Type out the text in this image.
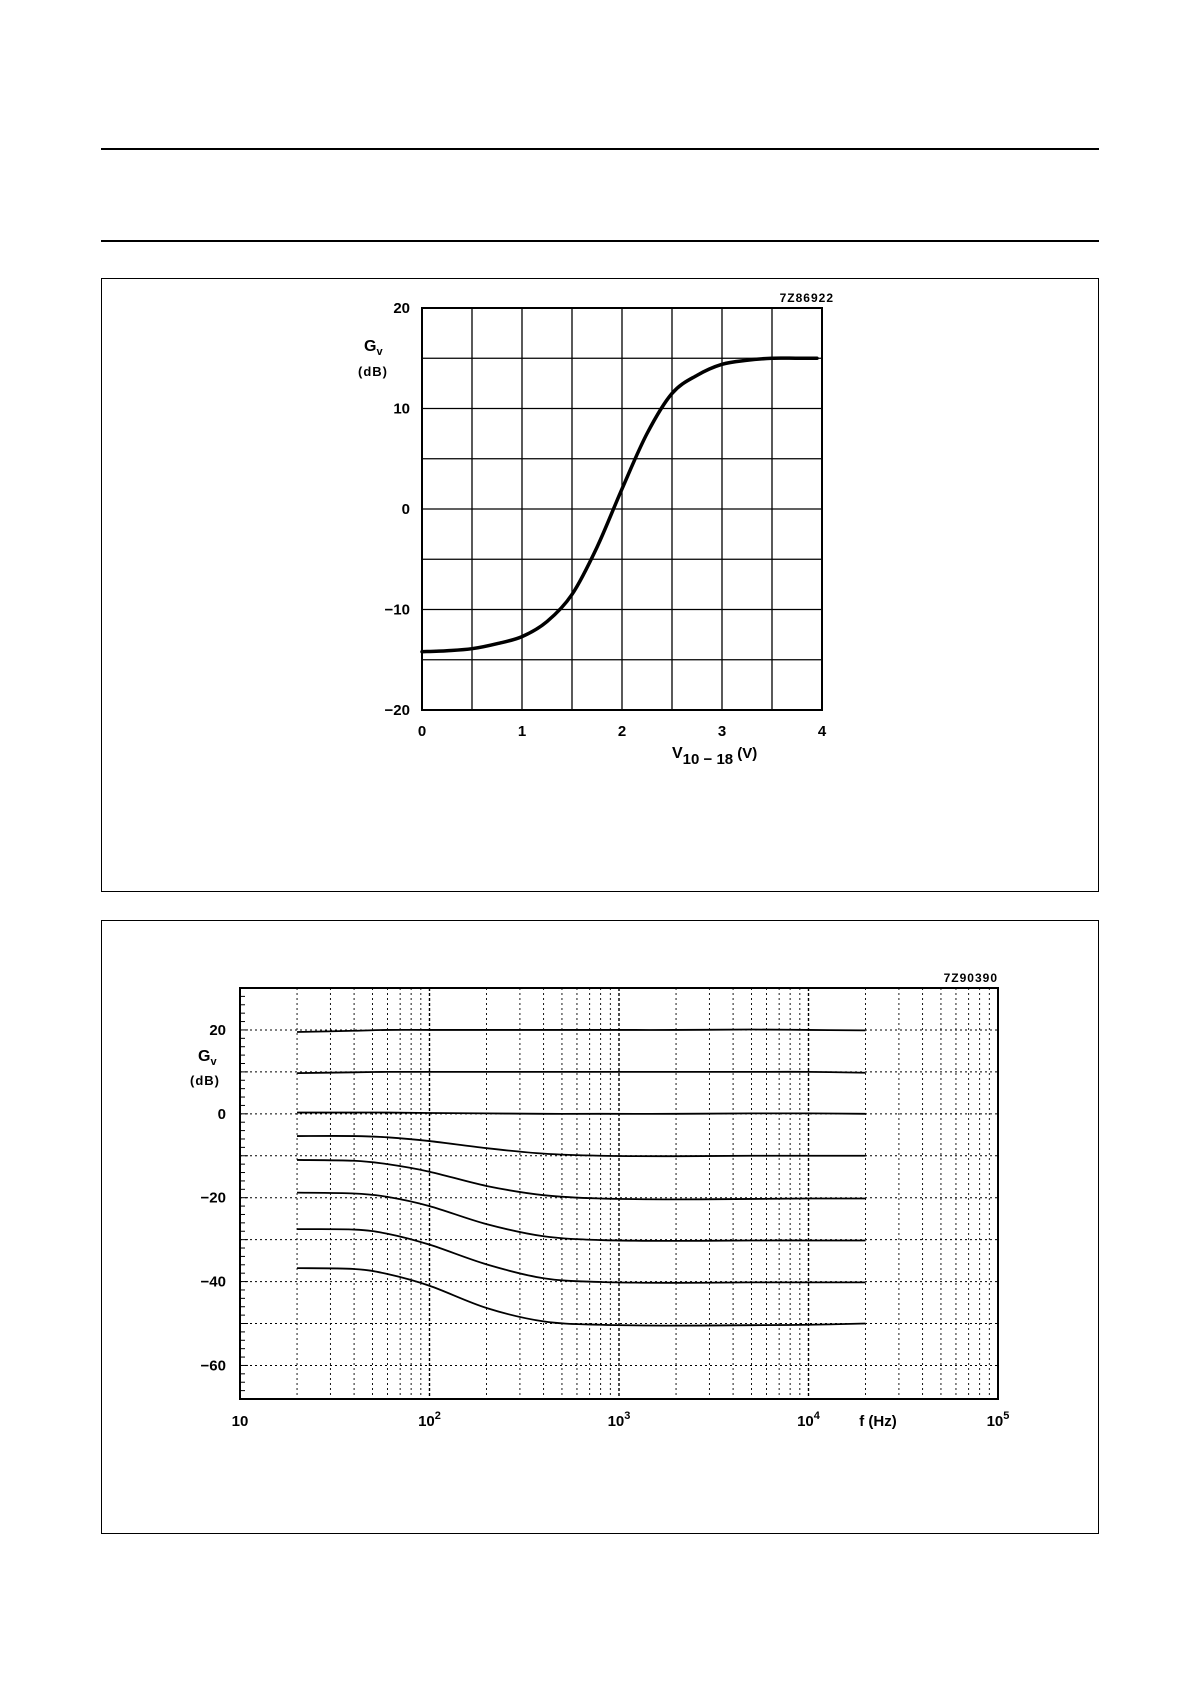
0	1	2	3	4
20
10
0
−10
−20
$G_v$
(dB)
V10 − 18 (V)
7Z86922
10	$10^2$	$10^3$	$10^4$	$10^5$
20
0
−20
−40
−60
$G_v$
(dB)
f (Hz)
7Z90390
